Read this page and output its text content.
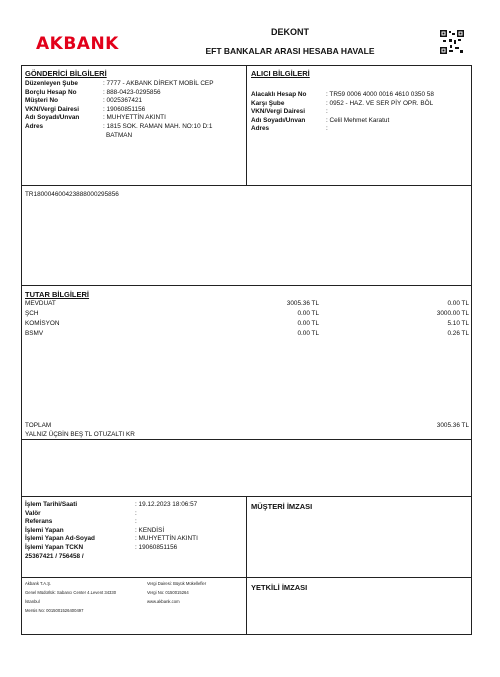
AKBANK
DEKONT
EFT BANKALAR ARASI HESABA HAVALE
GÖNDERİCİ BİLGİLERİ
Düzenleyen Şube	: 7777 - AKBANK DİREKT MOBİL CEP
Borçlu Hesap No	: 888-0423-0295856
Müşteri No	: 00253674​21
VKN/Vergi Dairesi	: 19060851156
Adı Soyadı/Unvan	: MUHYETTİN AKINTI
Adres	: 1815 SOK. RAMAN MAH. NO:10 D:1
BATMAN
ALICI BİLGİLERİ
Alacaklı Hesap No	: TR59 0006 4000 0016 4610 0350 58
Karşı Şube	: 0952 - HAZ. VE SER PİY OPR. BÖL
VKN/Vergi Dairesi	:
Adı Soyadı/Unvan	: Celil Mehmet Karatut
Adres	:
TR18000460042388800029585​6
TUTAR BİLGİLERİ
MEVDUAT	3005.36 TL	0.00 TL
ŞCH	0.00 TL	3000.00 TL
KOMİSYON	0.00 TL	5.10 TL
BSMV	0.00 TL	0.26 TL
TOPLAM	3005.36 TL
YALNIZ ÜÇBİN BEŞ TL OTUZALTI KR
İşlem Tarihi/Saati	: 19.12.2023 18:06:57
Valör	:
Referans	:
İşlemi Yapan	: KENDİSİ
İşlemi Yapan Ad-Soyad	: MUHYETTİN AKINTI
İşlemi Yapan TCKN	: 19060851156
25367421 / 756458 /
MÜŞTERİ İMZASI
YETKİLİ İMZASI
Akbank T.A.Ş.
Genel Müdürlük: Sabancı Center 4.Levent 34330
İstanbul
Mersis No: 0015001526400497
Vergi Dairesi: Büyük Mükellefler
Vergi No: 0150015264
www.akbank.com
